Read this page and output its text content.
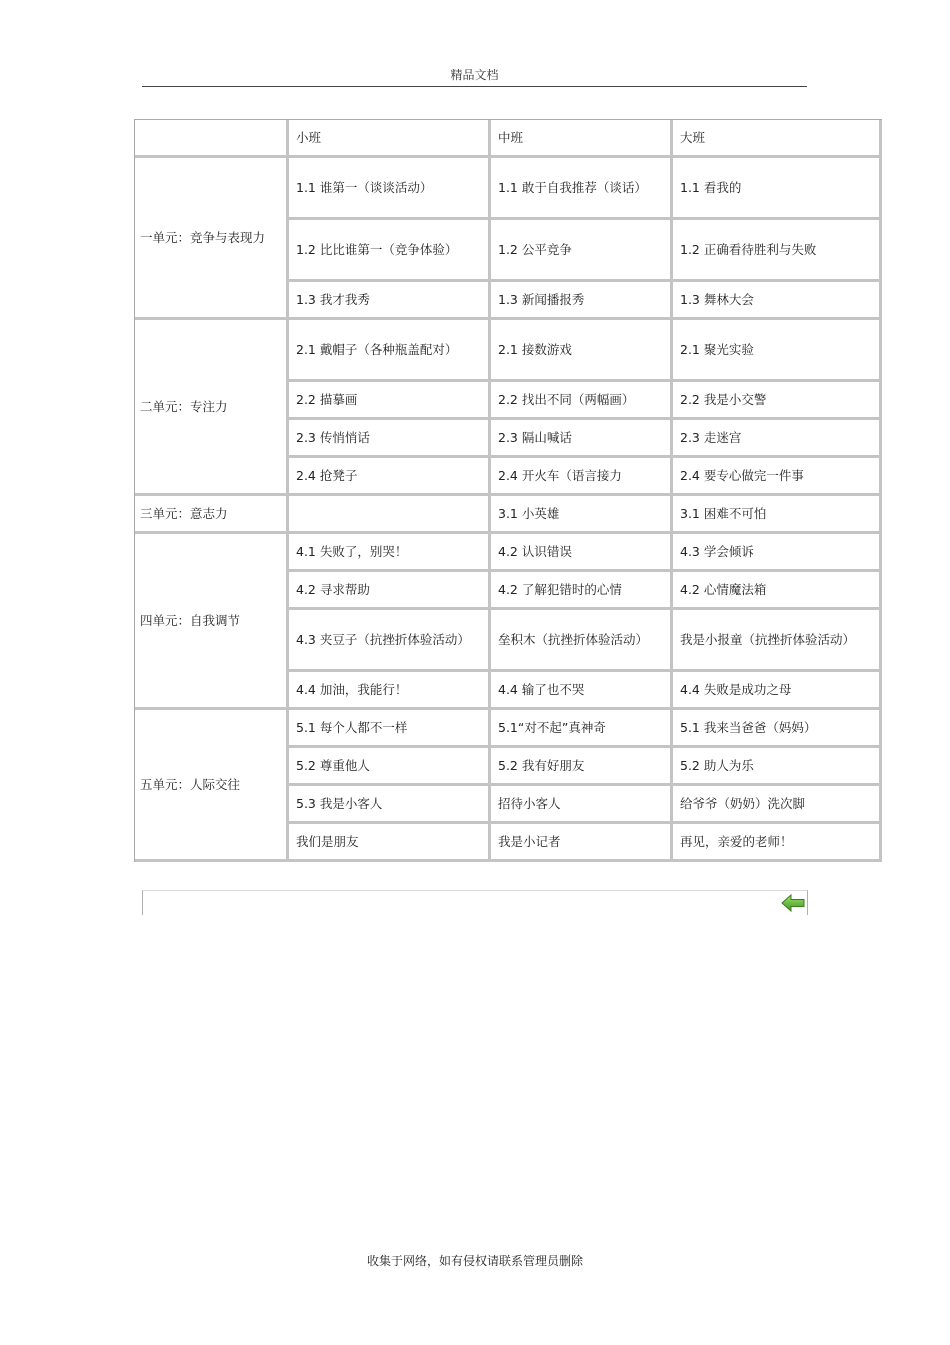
精品文档
	小班	中班	大班
一单元：竞争与表现力	1.1 谁第一（谈谈活动）	1.1 敢于自我推荐（谈话）	1.1 看我的
	1.2 比比谁第一（竞争体验）	1.2 公平竞争	1.2 正确看待胜利与失败
	1.3 我才我秀	1.3 新闻播报秀	1.3 舞林大会
二单元：专注力	2.1 戴帽子（各种瓶盖配对）	2.1 接数游戏	2.1 聚光实验
	2.2 描摹画	2.2 找出不同（两幅画）	2.2 我是小交警
	2.3 传悄悄话	2.3 隔山喊话	2.3 走迷宫
	2.4 抢凳子	2.4 开火车（语言接力	2.4 要专心做完一件事
三单元：意志力		3.1 小英雄	3.1 困难不可怕
四单元：自我调节	4.1 失败了，别哭！	4.2 认识错误	4.3 学会倾诉
	4.2 寻求帮助	4.2 了解犯错时的心情	4.2 心情魔法箱
	4.3 夹豆子（抗挫折体验活动）	垒积木（抗挫折体验活动）	我是小报童（抗挫折体验活动）
	4.4 加油，我能行！	4.4 输了也不哭	4.4 失败是成功之母
五单元：人际交往	5.1 每个人都不一样	5.1“对不起”真神奇	5.1 我来当爸爸（妈妈）
	5.2 尊重他人	5.2 我有好朋友	5.2 助人为乐
	5.3 我是小客人	招待小客人	给爷爷（奶奶）洗次脚
	我们是朋友	我是小记者	再见，亲爱的老师！
收集于网络，如有侵权请联系管理员删除
